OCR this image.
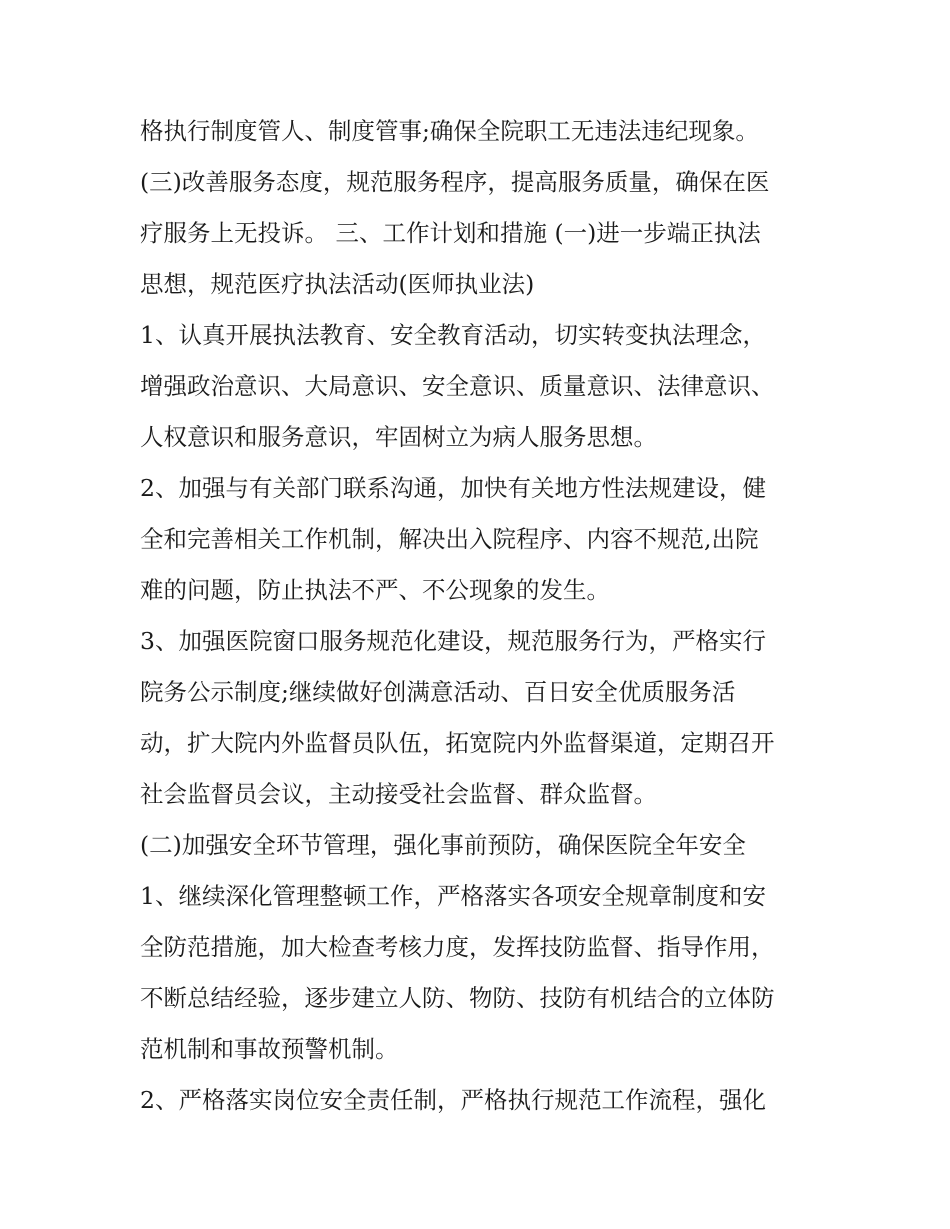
格执行制度管人、制度管事;确保全院职工无违法违纪现象。
(三)改善服务态度，规范服务程序，提高服务质量，确保在医
疗服务上无投诉。 三、工作计划和措施 (一)进一步端正执法
思想，规范医疗执法活动(医师执业法)
1、认真开展执法教育、安全教育活动，切实转变执法理念，
增强政治意识、大局意识、安全意识、质量意识、法律意识、
人权意识和服务意识，牢固树立为病人服务思想。
2、加强与有关部门联系沟通，加快有关地方性法规建设，健
全和完善相关工作机制，解决出入院程序、内容不规范,出院
难的问题，防止执法不严、不公现象的发生。
3、加强医院窗口服务规范化建设，规范服务行为，严格实行
院务公示制度;继续做好创满意活动、百日安全优质服务活
动，扩大院内外监督员队伍，拓宽院内外监督渠道，定期召开
社会监督员会议，主动接受社会监督、群众监督。
(二)加强安全环节管理，强化事前预防，确保医院全年安全
1、继续深化管理整顿工作，严格落实各项安全规章制度和安
全防范措施，加大检查考核力度，发挥技防监督、指导作用，
不断总结经验，逐步建立人防、物防、技防有机结合的立体防
范机制和事故预警机制。
2、严格落实岗位安全责任制，严格执行规范工作流程，强化
